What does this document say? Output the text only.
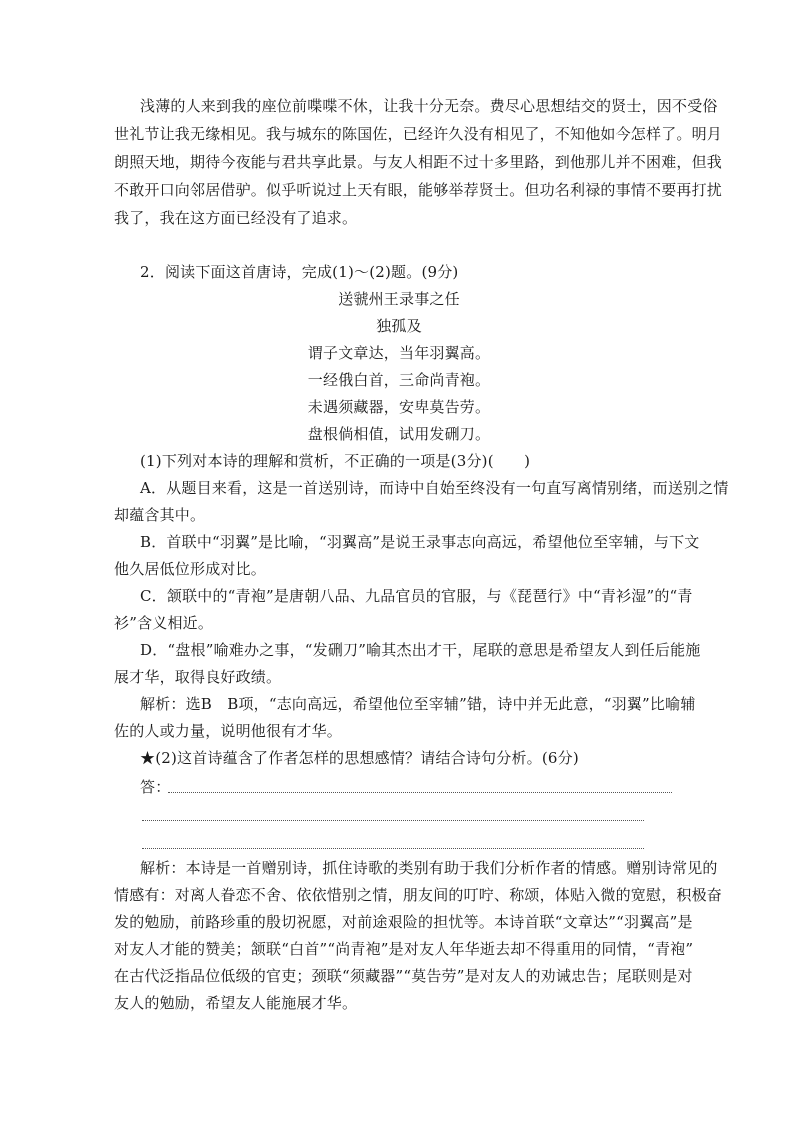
浅薄的人来到我的座位前喋喋不休，让我十分无奈。费尽心思想结交的贤士，因不受俗
世礼节让我无缘相见。我与城东的陈国佐，已经许久没有相见了，不知他如今怎样了。明月
朗照天地，期待今夜能与君共享此景。与友人相距不过十多里路，到他那儿并不困难，但我
不敢开口向邻居借驴。似乎听说过上天有眼，能够举荐贤士。但功名利禄的事情不要再打扰
我了，我在这方面已经没有了追求。
2．阅读下面这首唐诗，完成(1)～(2)题。(9分)
送虢州王录事之任
独孤及
谓子文章达，当年羽翼高。
一经俄白首，三命尚青袍。
未遇须藏器，安卑莫告劳。
盘根倘相值，试用发硎刀。
(1)下列对本诗的理解和赏析，不正确的一项是(3分)(　　)
A．从题目来看，这是一首送别诗，而诗中自始至终没有一句直写离情别绪，而送别之情
却蕴含其中。
B．首联中“羽翼”是比喻，“羽翼高”是说王录事志向高远，希望他位至宰辅，与下文
他久居低位形成对比。
C．颔联中的“青袍”是唐朝八品、九品官员的官服，与《琵琶行》中“青衫湿”的“青
衫”含义相近。
D．“盘根”喻难办之事，“发硎刀”喻其杰出才干，尾联的意思是希望友人到任后能施
展才华，取得良好政绩。
解析：选B　B项，“志向高远，希望他位至宰辅”错，诗中并无此意，“羽翼”比喻辅
佐的人或力量，说明他很有才华。
★(2)这首诗蕴含了作者怎样的思想感情？请结合诗句分析。(6分)
答：
解析：本诗是一首赠别诗，抓住诗歌的类别有助于我们分析作者的情感。赠别诗常见的
情感有：对离人眷恋不舍、依依惜别之情，朋友间的叮咛、称颂，体贴入微的宽慰，积极奋
发的勉励，前路珍重的殷切祝愿，对前途艰险的担忧等。本诗首联“文章达”“羽翼高”是
对友人才能的赞美；颔联“白首”“尚青袍”是对友人年华逝去却不得重用的同情，“青袍”
在古代泛指品位低级的官吏；颈联“须藏器”“莫告劳”是对友人的劝诫忠告；尾联则是对
友人的勉励，希望友人能施展才华。
